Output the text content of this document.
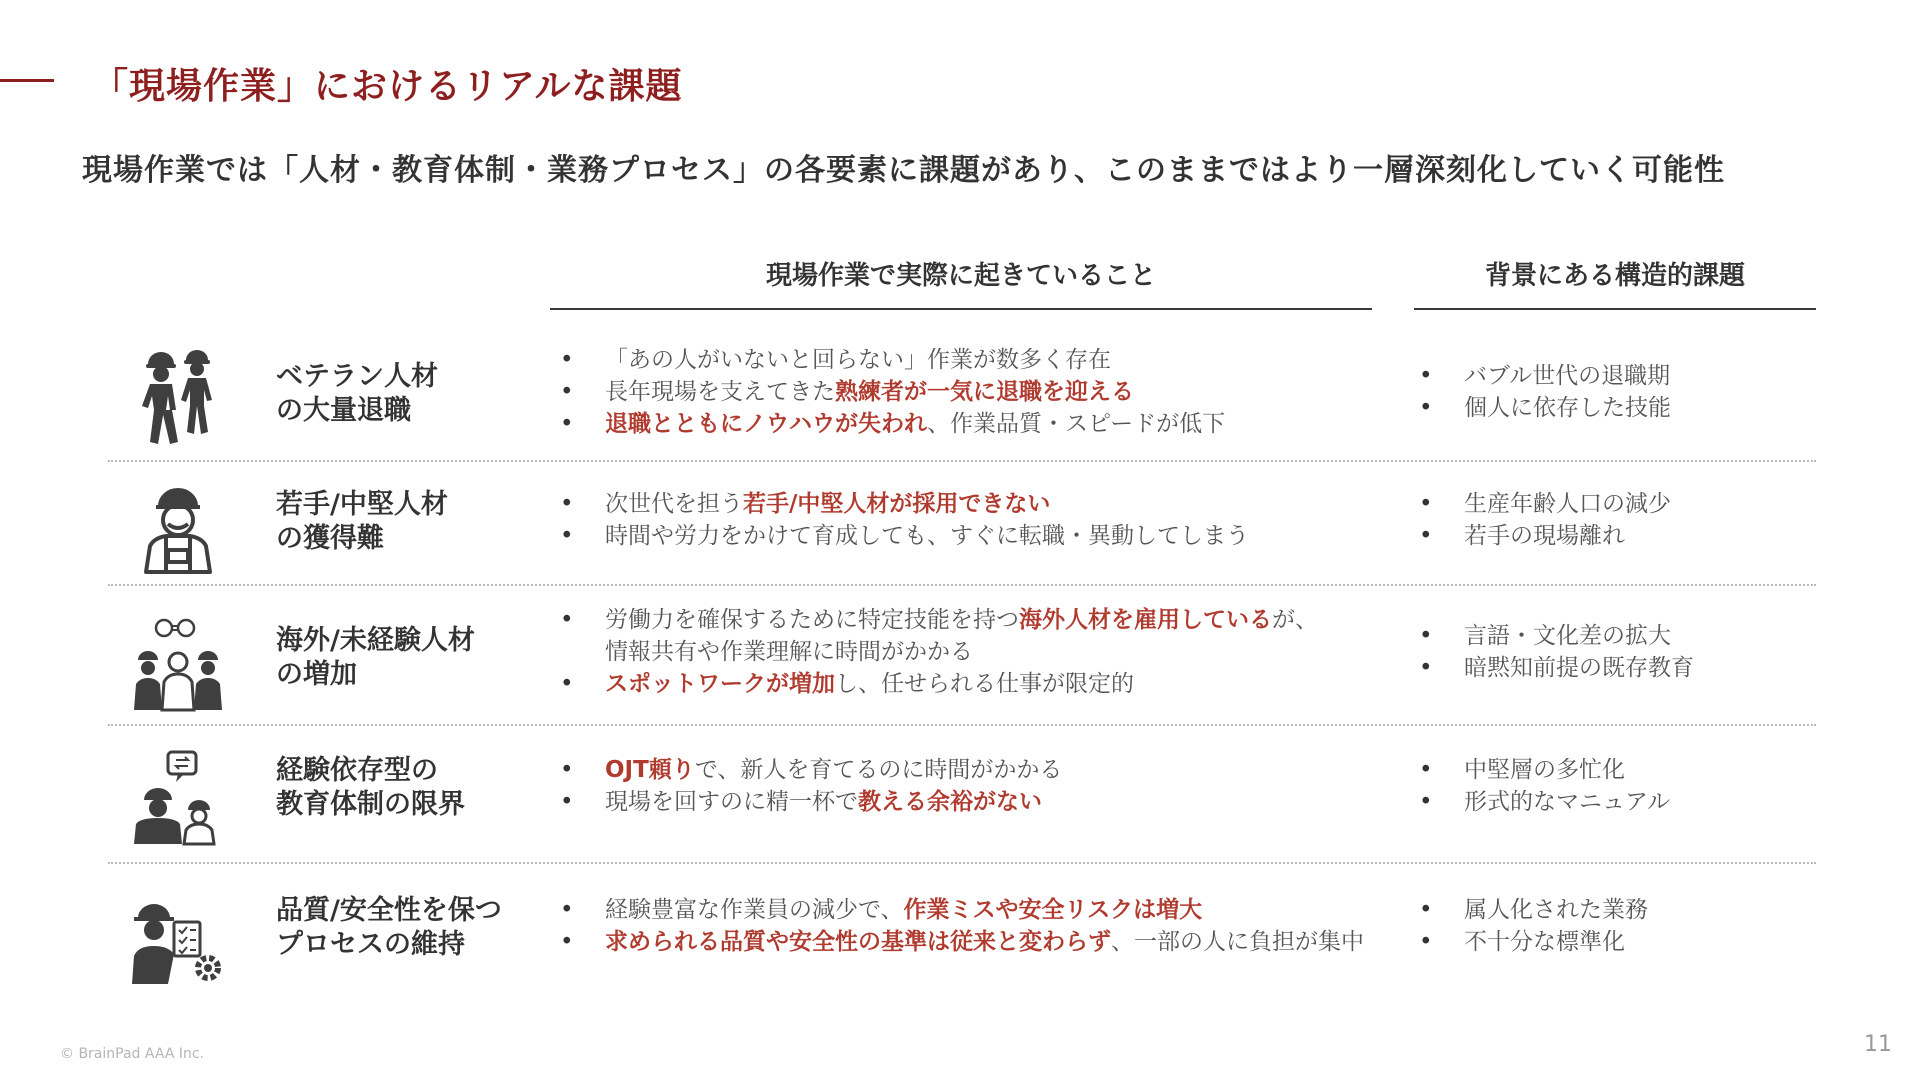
「現場作業」におけるリアルな課題
現場作業では「人材・教育体制・業務プロセス」の各要素に課題があり、このままではより一層深刻化していく可能性
現場作業で実際に起きていること	背景にある構造的課題
ベテラン人材
の大量退職
• 「あの人がいないと回らない」作業が数多く存在
• 長年現場を支えてきた熟練者が一気に退職を迎える
• 退職とともにノウハウが失われ、作業品質・スピードが低下
• バブル世代の退職期
• 個人に依存した技能
若手/中堅人材
の獲得難
• 次世代を担う若手/中堅人材が採用できない
• 時間や労力をかけて育成しても、すぐに転職・異動してしまう
• 生産年齢人口の減少
• 若手の現場離れ
海外/未経験人材
の増加
• 労働力を確保するために特定技能を持つ海外人材を雇用しているが、
情報共有や作業理解に時間がかかる
• スポットワークが増加し、任せられる仕事が限定的
• 言語・文化差の拡大
• 暗黙知前提の既存教育
経験依存型の
教育体制の限界
• OJT頼りで、新人を育てるのに時間がかかる
• 現場を回すのに精一杯で教える余裕がない
• 中堅層の多忙化
• 形式的なマニュアル
品質/安全性を保つ
プロセスの維持
• 経験豊富な作業員の減少で、作業ミスや安全リスクは増大
• 求められる品質や安全性の基準は従来と変わらず、一部の人に負担が集中
• 属人化された業務
• 不十分な標準化
© BrainPad AAA Inc.	11
